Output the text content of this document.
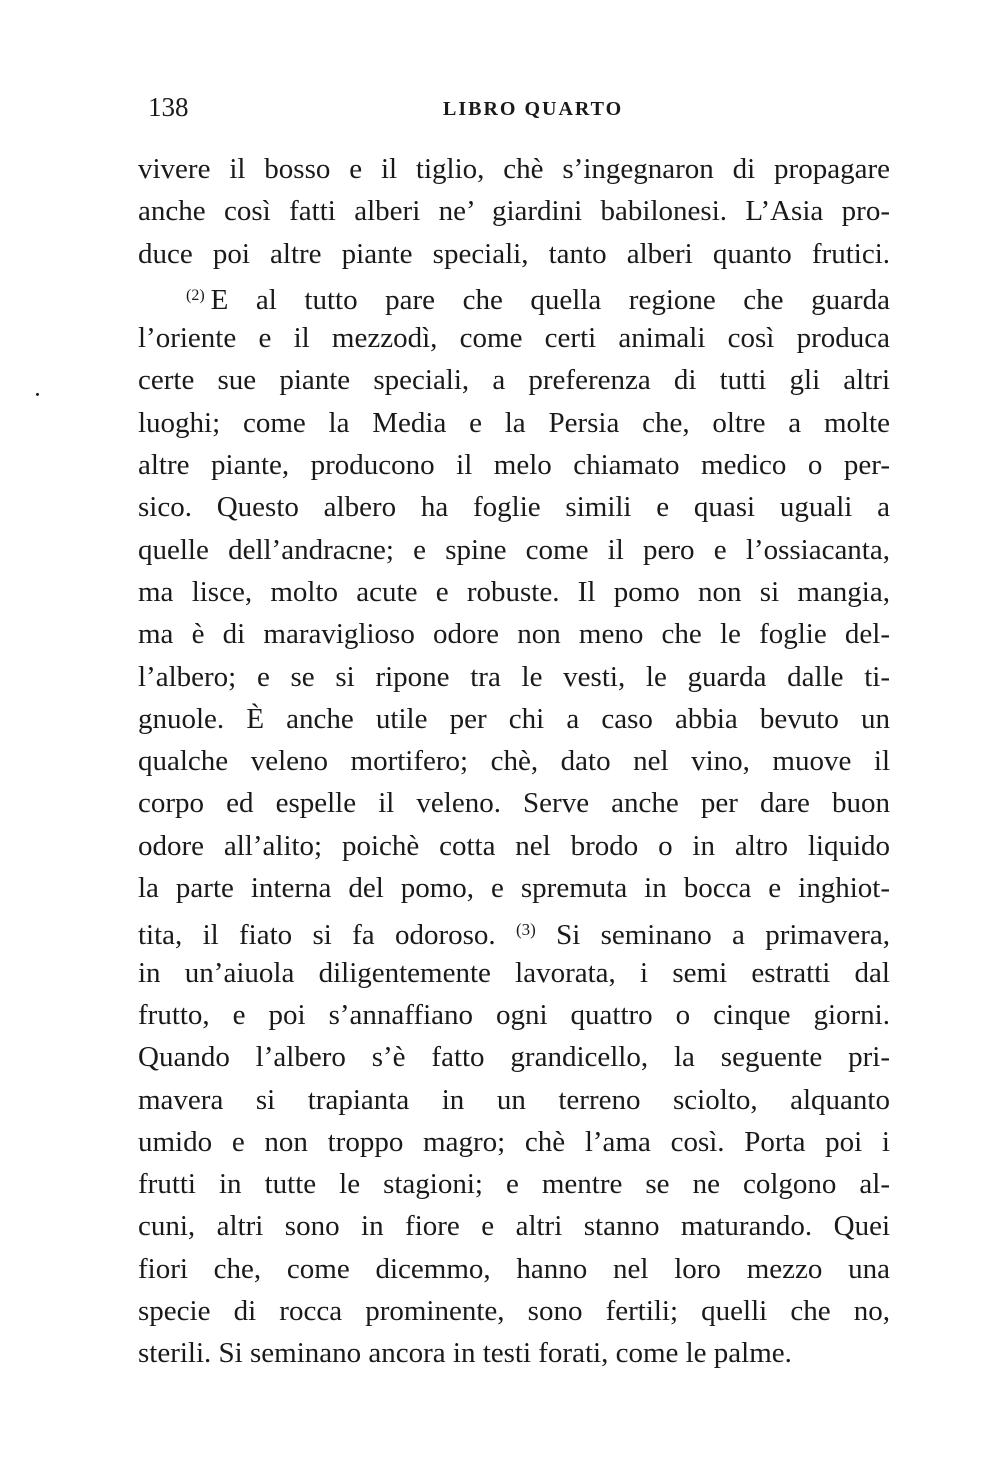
138	LIBRO QUARTO
·
vivere il bosso e il tiglio, chè s’ingegnaron di propagare
anche così fatti alberi ne’ giardini babilonesi. L’Asia pro-
duce poi altre piante speciali, tanto alberi quanto frutici.
$^{(2)}$ E al tutto pare che quella regione che guarda
l’oriente e il mezzodì, come certi animali così produca
certe sue piante speciali, a preferenza di tutti gli altri
luoghi; come la Media e la Persia che, oltre a molte
altre piante, producono il melo chiamato medico o per-
sico. Questo albero ha foglie simili e quasi uguali a
quelle dell’andracne; e spine come il pero e l’ossiacanta,
ma lisce, molto acute e robuste. Il pomo non si mangia,
ma è di maraviglioso odore non meno che le foglie del-
l’albero; e se si ripone tra le vesti, le guarda dalle ti-
gnuole. È anche utile per chi a caso abbia bevuto un
qualche veleno mortifero; chè, dato nel vino, muove il
corpo ed espelle il veleno. Serve anche per dare buon
odore all’alito; poichè cotta nel brodo o in altro liquido
la parte interna del pomo, e spremuta in bocca e inghiot-
tita, il fiato si fa odoroso. $^{(3)}$ Si seminano a primavera,
in un’aiuola diligentemente lavorata, i semi estratti dal
frutto, e poi s’annaffiano ogni quattro o cinque giorni.
Quando l’albero s’è fatto grandicello, la seguente pri-
mavera si trapianta in un terreno sciolto, alquanto
umido e non troppo magro; chè l’ama così. Porta poi i
frutti in tutte le stagioni; e mentre se ne colgono al-
cuni, altri sono in fiore e altri stanno maturando. Quei
fiori che, come dicemmo, hanno nel loro mezzo una
specie di rocca prominente, sono fertili; quelli che no,
sterili. Si seminano ancora in testi forati, come le palme.
